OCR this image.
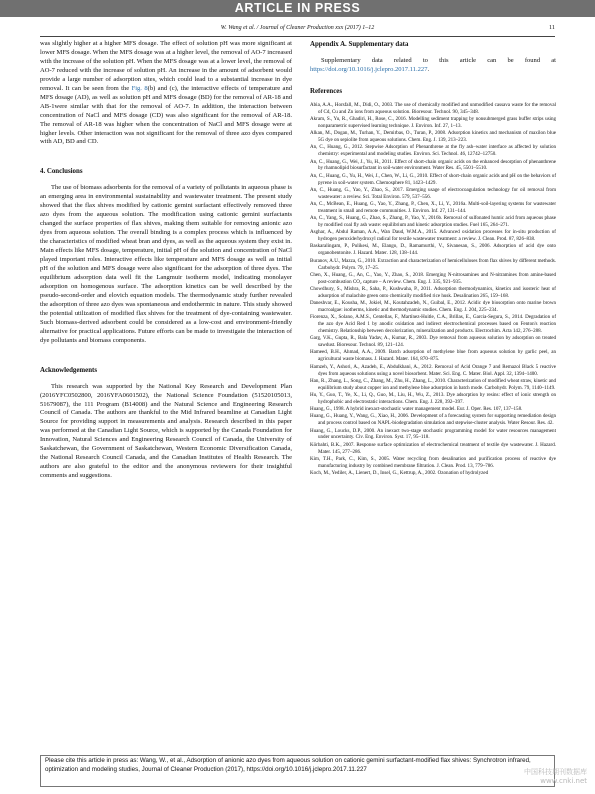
ARTICLE IN PRESS
W. Wang et al. / Journal of Cleaner Production xxx (2017) 1–12	11

was slightly higher at a higher MFS dosage. The effect of solution pH was more significant at lower MFS dosage. When the MFS dosage was at a higher level, the removal of AO-7 increased with the increase of the solution pH. When the MFS dosage was at a lower level, the removal of AO-7 reduced with the increase of solution pH. An increase in the amount of adsorbent would provide a large number of adsorption sites, which could lead to a substantial increase in dye removal. It can be seen from the Fig. 8(b) and (c), the interactive effects of temperature and MFS dosage (AD), as well as solution pH and MFS dosage (BD) for the removal of AR-18 and AB-1were similar with that for the removal of AO-7. In addition, the interaction between concentration of NaCl and MFS dosage (CD) was also significant for the removal of AR-18. The removal of AR-18 was higher when the concentration of NaCl and MFS dosage were at higher levels. Other interaction was not significant for the removal of three azo dyes compared with AD, BD and CD.

4. Conclusions

The use of biomass adsorbents for the removal of a variety of pollutants in aqueous phase is an emerging area in environmental sustainability and wastewater treatment. The present study showed that the flax shives modified by cationic gemini surfactant effectively removed three azo dyes from the aqueous solution. The modification using cationic gemini surfactants changed the surface properties of flax shives, making them suitable for removing anionic azo dyes from aqueous solution. The overall binding is a complex process which is influenced by the characteristics of modified wheat bran and dyes, as well as the aqueous system they exist in. Main effects like MFS dosage, temperature, initial pH of the solution and concentration of NaCl played important roles. Interactive effects like temperature and MFS dosage as well as initial pH of the solution and MFS dosage were also significant for the adsorption of three dyes. The equilibrium adsorption data well fit the Langmuir isotherm model, indicating monolayer adsorption on homogenous surface. The adsorption kinetics can be well described by the pseudo-second-order and elovich equation models. The thermodynamic study further revealed the adsorption of three azo dyes was spontaneous and endothermic in nature. This study showed the potential utilization of modified flax shives for the treatment of dye-containing wastewater. Such biomass-derived adsorbent could be considered as a low-cost and environment-friendly alternative for practical applications. Future efforts can be made to investigate the interaction of dye pollutants and biomass components.

Acknowledgements

This research was supported by the National Key Research and Development Plan (2016YFC0502800, 2016YFA0601502), the National Science Foundation (51520105013, 51679087), the 111 Program (B14008) and the Natural Science and Engineering Research Council of Canada. The authors are thankful to the Mid Infrared beamline at Canadian Light Source for providing support in measurements and analysis. Research described in this paper was performed at the Canadian Light Source, which is supported by the Canada Foundation for Innovation, Natural Sciences and Engineering Research Council of Canada, the University of Saskatchewan, the Government of Saskatchewan, Western Economic Diversification Canada, the National Research Council Canada, and the Canadian Institutes of Health Research. The authors are also grateful to the editor and the anonymous reviewers for their insightful comments and suggestions.

Appendix A. Supplementary data

Supplementary data related to this article can be found at https://doi.org/10.1016/j.jclepro.2017.11.227.

References
Abia, A.A., Horsfall, M., Didi, O., 2003. The use of chemically modified and unmodified cassava waste for the removal of Cd, Cu and Zn ions from aqueous solution. Bioresour. Technol. 90, 345–348.
Akram, S., Yu, R., Ghadiri, H., Rose, C., 2016. Modelling sediment trapping by nonsubmerged grass buffer strips using nonparametric supervised learning technique. J. Environ. Inf. 27, 1–13.
Alkan, M., Dogan, M., Turhan, Y., Demirbas, O., Turan, P., 2008. Adsorption kinetics and mechanism of maxilon blue 5G dye on sepiolite from aqueous solutions. Chem. Eng. J. 139, 213–223.
An, C., Huang, G., 2012. Stepwise Adsorption of Phenanthrene at the fly ash–water interface as affected by solution chemistry: experimental and modeling studies. Environ. Sci. Technol. 46, 12742–12750.
An, C., Huang, G., Wei, J., Yu, H., 2011. Effect of short-chain organic acids on the enhanced desorption of phenanthrene by rhamnolipid biosurfactant in soil-water environment. Water Res. 45, 5501–5510.
An, C., Huang, G., Yu, H., Wei, J., Chen, W., Li, G., 2010. Effect of short-chain organic acids and pH on the behaviors of pyrene in soil-water system. Chemosphere 81, 1423–1429.
An, C., Huang, G., Yao, Y., Zhao, S., 2017. Emerging usage of electrocoagulation technology for oil removal from wastewater: a review. Sci. Total Environ. 579, 537–556.
An, C., McBean, E., Huang, G., Yao, Y., Zhang, P., Chen, X., Li, Y., 2016a. Multi-soil-layering systems for wastewater treatment in small and remote communities. J. Environ. Inf. 27, 131–144.
An, C., Yang, S., Huang, G., Zhao, S., Zhang, P., Yao, Y., 2016b. Removal of sulfonated humic acid from aqueous phase by modified coal fly ash waste: equilibrium and kinetic adsorption studies. Fuel 165, 264–271.
Asghar, A., Abdul Raman, A.A., Wan Daud, W.M.A., 2015. Advanced oxidation processes for in-situ production of hydrogen peroxide/hydroxyl radical for textile wastewater treatment: a review. J. Clean. Prod. 87, 826–838.
Baskaralingam, P., Pulikesi, M., Elango, D., Ramamurthi, V., Sivanesan, S., 2006. Adsorption of acid dye onto organobentonite. J. Hazard. Mater. 128, 138–144.
Buranov, A.U., Mazza, G., 2010. Extraction and characterization of hemicelluloses from flax shives by different methods. Carbohydr. Polym. 79, 17–25.
Chen, X., Huang, G., An, C., Yao, Y., Zhao, S., 2018. Emerging N-nitrosamines and N-nitramines from amine-based post-combustion CO₂ capture – A review. Chem. Eng. J. 335, 921–935.
Chowdhury, S., Mishra, R., Saha, P., Kushwaha, P., 2011. Adsorption thermodynamics, kinetics and isosteric heat of adsorption of malachite green onto chemically modified rice husk. Desalination 265, 159–168.
Daneshvar, E., Kousha, M., Jokiel, M., Koutahzadeh, N., Guibal, E., 2012. Acidic dye biosorption onto marine brown macroalgae: isotherms, kinetic and thermodynamic studies. Chem. Eng. J. 204, 225–234.
Fiorenza, X., Solano, A.M.S., Centellas, F., Martínez-Huitle, C.A., Brillas, E., Garcia-Segura, S., 2014. Degradation of the azo dye Acid Red 1 by anodic oxidation and indirect electrochemical processes based on Fenton's reaction chemistry. Relationship between decolorization, mineralization and products. Electrochim. Acta 142, 276–288.
Garg, V.K., Gupta, R., Bala Yadav, A., Kumar, R., 2003. Dye removal from aqueous solution by adsorption on treated sawdust. Bioresour. Technol. 89, 121–124.
Hameed, B.H., Ahmad, A.A., 2009. Batch adsorption of methylene blue from aqueous solution by garlic peel, an agricultural waste biomass. J. Hazard. Mater. 164, 870–875.
Hamzeh, Y., Ashori, A., Azadeh, E., Abdulkhani, A., 2012. Removal of Acid Orange 7 and Remazol Black 5 reactive dyes from aqueous solutions using a novel biosorbent. Mater. Sci. Eng. C. Mater. Biol. Appl. 32, 1394–1400.
Han, R., Zhang, L., Song, C., Zhang, M., Zhu, H., Zhang, L., 2010. Characterization of modified wheat straw, kinetic and equilibrium study about copper ion and methylene blue adsorption in batch mode. Carbohydr. Polym. 79, 1140–1149.
Hu, Y., Guo, T., Ye, X., Li, Q., Guo, M., Liu, H., Wu, Z., 2013. Dye adsorption by resins: effect of ionic strength on hydrophobic and electrostatic interactions. Chem. Eng. J. 228, 392–397.
Huang, G., 1998. A hybrid inexact-stochastic water management model. Eur. J. Oper. Res. 107, 137–158.
Huang, G., Huang, Y., Wang, G., Xiao, H., 2006. Development of a forecasting system for supporting remediation design and process control based on NAPL-biodegradation simulation and stepwise-cluster analysis. Water Resour. Res. 42.
Huang, G., Loucks, D.P., 2000. An inexact two-stage stochastic programming model for water resources management under uncertainty. Civ. Eng. Environ. Syst. 17, 95–118.
Körbahti, B.K., 2007. Response surface optimization of electrochemical treatment of textile dye wastewater. J. Hazard. Mater. 145, 277–286.
Kim, T.H., Park, C., Kim, S., 2005. Water recycling from desalination and purification process of reactive dye manufacturing industry by combined membrane filtration. J. Clean. Prod. 13, 779–786.
Koch, M., Yediler, A., Lienert, D., Insel, G., Kettrup, A., 2002. Ozonation of hydrolyzed
Please cite this article in press as: Wang, W., et al., Adsorption of anionic azo dyes from aqueous solution on cationic gemini surfactant-modified flax shives: Synchrotron infrared, optimization and modeling studies, Journal of Cleaner Production (2017), https://doi.org/10.1016/j.jclepro.2017.11.227	中国科技期刊数据库
www.cnki.net
